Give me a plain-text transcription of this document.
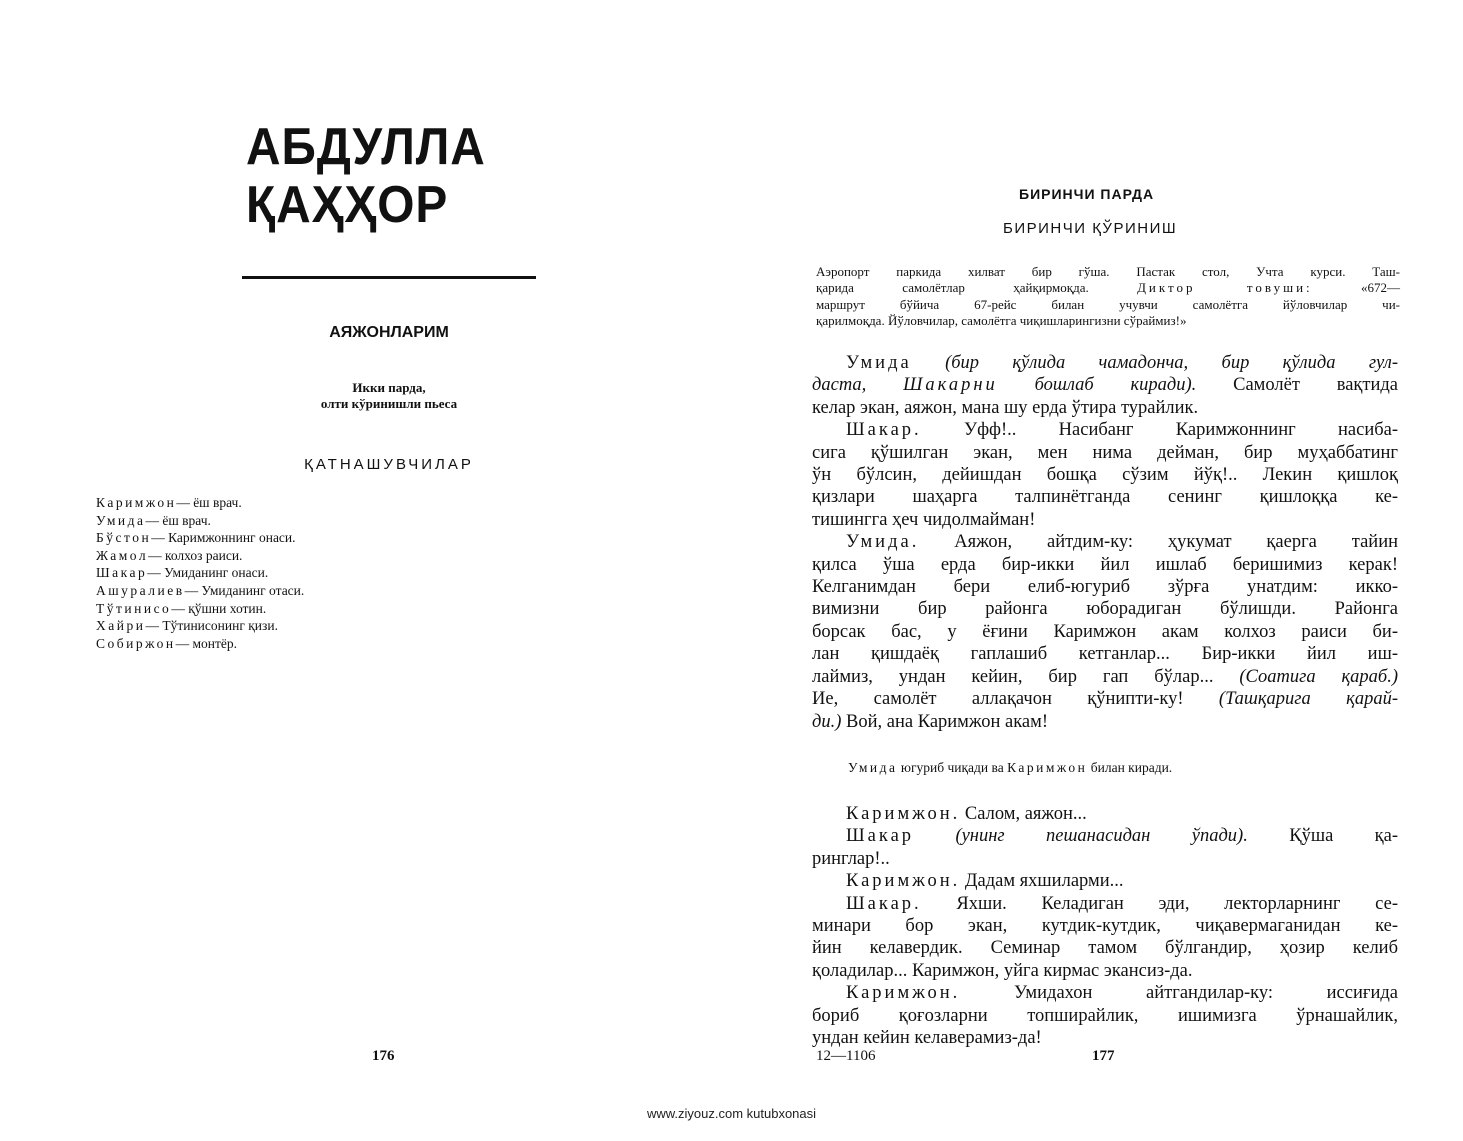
АБДУЛЛА
ҚАҲҲОР
АЯЖОНЛАРИМ
Икки парда,
олти кўринишли пьеса
ҚАТНАШУВЧИЛАР
Каримжон— ёш врач.
Умида— ёш врач.
Бўстон— Каримжоннинг онаси.
Жамол— колхоз раиси.
Шакар— Умиданинг онаси.
Ашуралиев— Умиданинг отаси.
Тўтинисо— қўшни хотин.
Хайри— Тўтинисонинг қизи.
Собиржон— монтёр.
176
БИРИНЧИ ПАРДА
БИРИНЧИ ҚЎРИНИШ
Аэропорт паркида хилват бир гўша. Пастак стол, Учта курси. Таш-
қарида самолётлар ҳайқирмоқда.	Диктор товуши:	«672—
маршрут бўйича 67-рейс билан учувчи самолётга йўловчилар чи-
қарилмоқда. Йўловчилар, самолётга чиқишларингизни сўраймиз!»
Умида (бир қўлида чамадонча, бир қўлида гул-
даста, Шакарни бошлаб киради). Самолёт вақтида
келар экан, аяжон, мана шу ерда ўтира турайлик.
Шакар. Уфф!.. Насибанг Каримжоннинг насиба-
сига қўшилган экан, мен нима дейман, бир муҳаббатинг
ўн бўлсин, дейишдан бошқа сўзим йўқ!.. Лекин қишлоқ
қизлари шаҳарга талпинётганда сенинг қишлоққа ке-
тишингга ҳеч чидолмайман!
Умида. Аяжон, айтдим-ку: ҳукумат қаерга тайин
қилса ўша ерда бир-икки йил ишлаб беришимиз керак!
Келганимдан бери елиб-югуриб зўрға унатдим: икко-
вимизни бир районга юборадиган бўлишди. Районга
борсак бас, у ёғини Каримжон акам колхоз раиси би-
лан қишдаёқ гаплашиб кетганлар... Бир-икки йил иш-
лаймиз, ундан кейин, бир гап бўлар... (Соатига қараб.)
Ие, самолёт аллақачон қўнипти-ку! (Ташқарига қарай-
ди.) Вой, ана Каримжон акам!
Умида югуриб чиқади ва Каримжон билан киради.
Каримжон. Салом, аяжон...
Шакар (унинг пешанасидан ўпади). Қўша қа-
ринглар!..
Каримжон. Дадам яхшиларми...
Шакар. Яхши. Келадиган эди, лекторларнинг се-
минари бор экан, кутдик-кутдик, чиқавермаганидан ке-
йин келавердик. Семинар тамом бўлгандир, ҳозир келиб
қоладилар... Каримжон, уйга кирмас экансиз-да.
Каримжон.	Умидахон айтгандилар-ку: иссиғида
бориб қоғозларни топширайлик, ишимизга ўрнашайлик,
ундан кейин келаверамиз-да!
12—1106	177
www.ziyouz.com kutubxonasi
